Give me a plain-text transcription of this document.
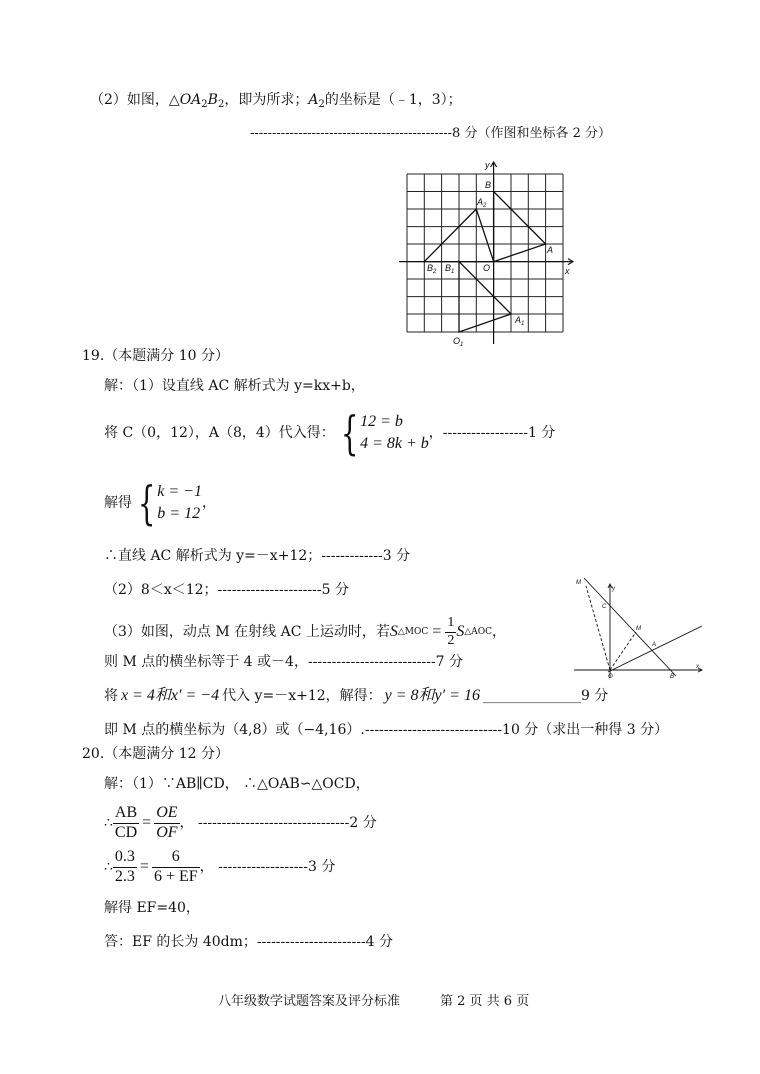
（2）如图，$\triangle OA_2B_2$，即为所求；$A_2$的坐标是（﹣1，3）；
----------------------------------------------8 分（作图和坐标各 2 分）
y
x
B
$A_2$
A
O
$B_2$ $B_1$
$A_1$
$O_1$
19.（本题满分 10 分）
解：（1）设直线 AC 解析式为 y=kx+b，
将 C（0，12），A（8，4）代入得： { 12 = b
4 = 8k + b
，------------------1 分
解得 { k = −1
b = 12
，
∴直线 AC 解析式为 y=－x+12；-------------3 分
（2）8＜x＜12；----------------------5 分
（3）如图，动点 M 在射线 AC 上运动时，若 S △MOC = $\frac{1}{2}$ S △AOC ，
则 M 点的横坐标等于 4 或－4，---------------------------7 分
将 x = 4和x′ = −4 代入 y=－x+12，解得： y = 8和y′ = 16 ______________9 分
即 M 点的横坐标为（4,8）或（−4,16）.-----------------------------10 分（求出一种得 3 分）
M
y
C
M
A
x
O	B
20.（本题满分 12 分）
解：（1）∵AB∥CD， ∴△OAB∽△OCD，
∴ $\frac{AB}{CD} = \frac{OE}{OF}$ ， --------------------------------2 分
∴ $\frac{0.3}{2.3} = \frac{6}{6 + EF}$ ， -------------------3 分
解得 EF=40，
答：EF 的长为 40dm；-----------------------4 分
八年级数学试题答案及评分标准	第 2 页 共 6 页
